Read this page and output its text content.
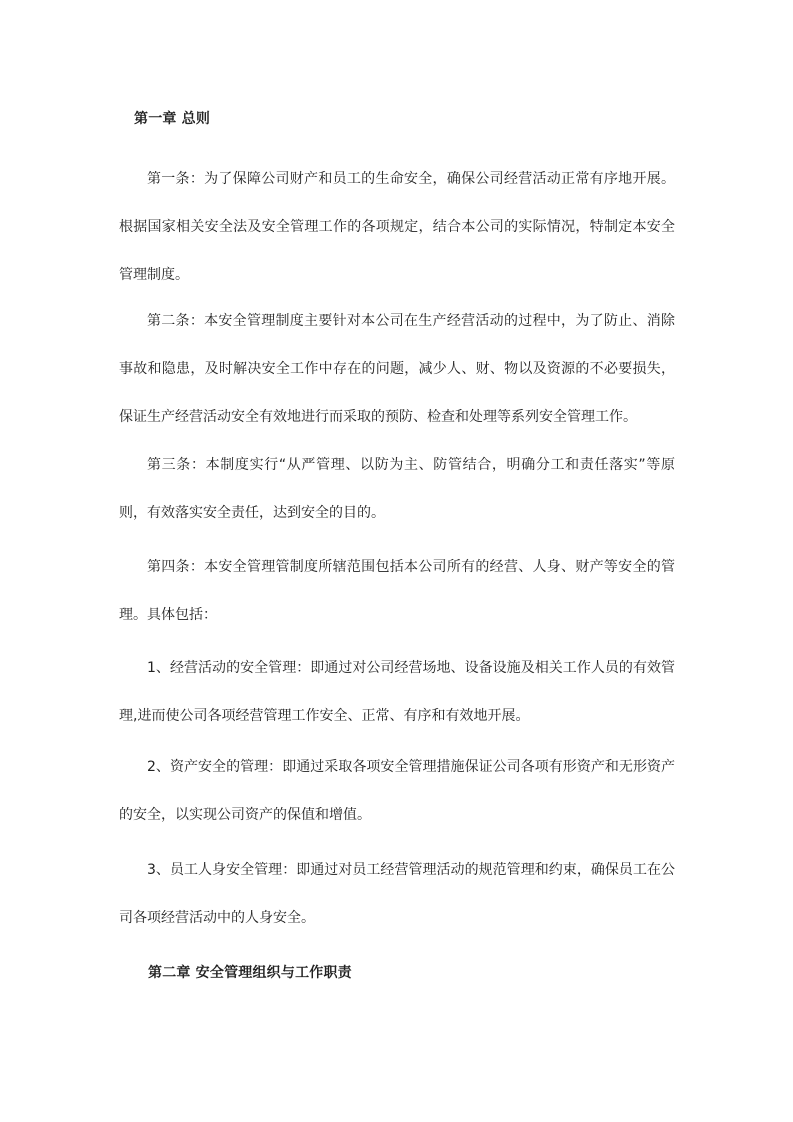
第一章 总则

第一条：为了保障公司财产和员工的生命安全，确保公司经营活动正常有序地开展。根据国家相关安全法及安全管理工作的各项规定，结合本公司的实际情况，特制定本安全管理制度。

第二条：本安全管理制度主要针对本公司在生产经营活动的过程中，为了防止、消除事故和隐患，及时解决安全工作中存在的问题，减少人、财、物以及资源的不必要损失，保证生产经营活动安全有效地进行而采取的预防、检查和处理等系列安全管理工作。

第三条：本制度实行“从严管理、以防为主、防管结合，明确分工和责任落实”等原则，有效落实安全责任，达到安全的目的。

第四条：本安全管理管制度所辖范围包括本公司所有的经营、人身、财产等安全的管理。具体包括：

1、经营活动的安全管理：即通过对公司经营场地、设备设施及相关工作人员的有效管理,进而使公司各项经营管理工作安全、正常、有序和有效地开展。

2、资产安全的管理：即通过采取各项安全管理措施保证公司各项有形资产和无形资产的安全，以实现公司资产的保值和增值。

3、员工人身安全管理：即通过对员工经营管理活动的规范管理和约束，确保员工在公司各项经营活动中的人身安全。

第二章 安全管理组织与工作职责
